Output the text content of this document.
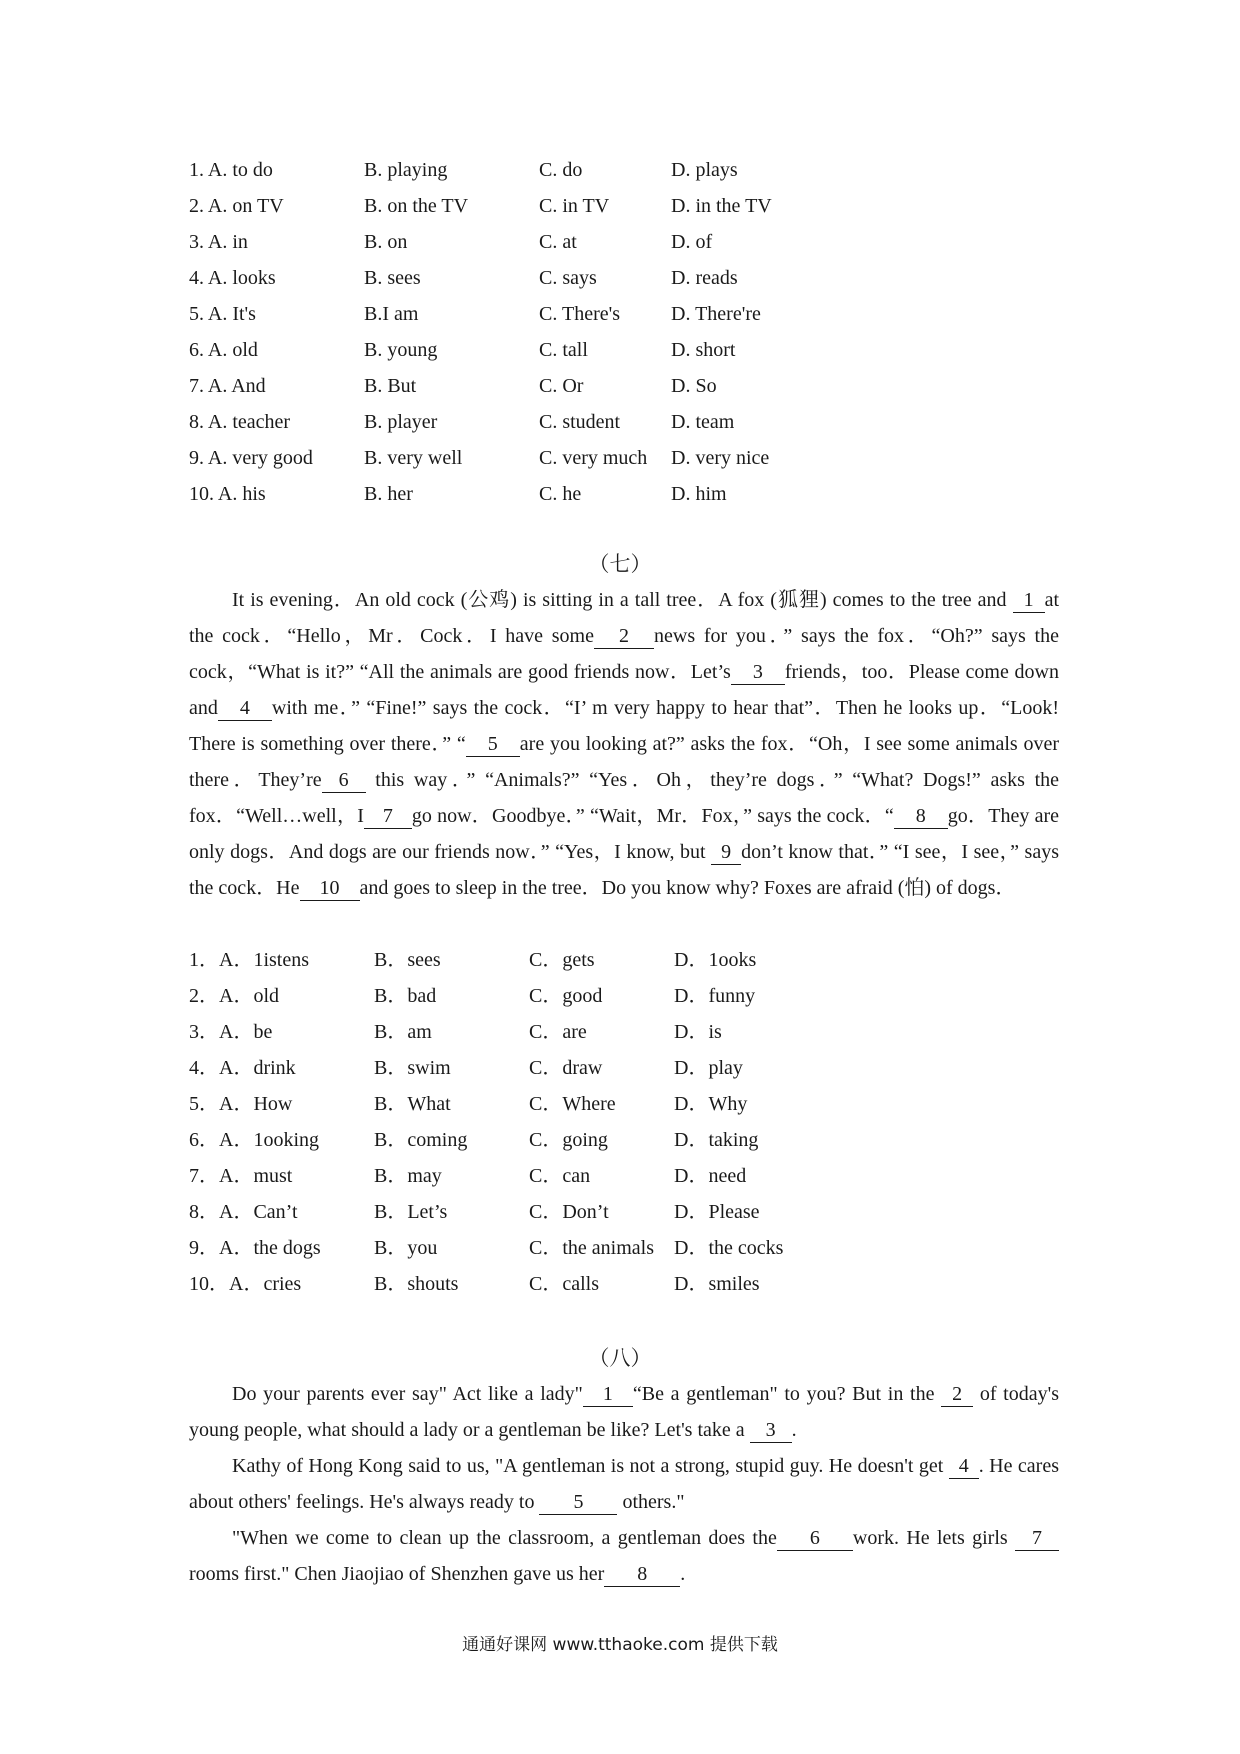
1. A. to do	B. playing	C. do	D. plays
2. A. on TV	B. on the TV	C. in TV	D. in the TV
3. A. in	B. on	C. at	D. of
4. A. looks	B. sees	C. says	D. reads
5. A. It's	B.I am	C. There's	D. There're
6. A. old	B. young	C. tall	D. short
7. A. And	B. But	C. Or	D. So
8. A. teacher	B. player	C. student	D. team
9. A. very good	B. very well	C. very much D. very nice
10. A. his	B. her	C. he	D. him
（七）

It is evening．An old cock (公鸡) is sitting in a tall tree．A fox (狐狸) comes to the tree and 1 at the cock．“Hello，Mr．Cock．I have some 2 news for you．” says the fox．“Oh?” says the cock，“What is it?” “All the animals are good friends now．Let’s 3 friends，too．Please come down and 4 with me．” “Fine!” says the cock．“I’ m very happy to hear that”．Then he looks up．“Look! There is something over there．” “ 5 are you looking at?” asks the fox．“Oh，I see some animals over there．They’re 6 this way．” “Animals?” “Yes．Oh，they’re dogs．” “What? Dogs!” asks the fox．“Well…well，I 7 go now．Goodbye．” “Wait，Mr．Fox，” says the cock．“ 8 go．They are only dogs．And dogs are our friends now．” “Yes，I know, but 9 don’t know that．” “I see，I see，” says the cock．He 10 and goes to sleep in the tree．Do you know why? Foxes are afraid (怕) of dogs．

1．A．1istens	B．sees	C．gets	D．1ooks
2．A．old	B．bad	C．good	D．funny
3．A．be	B．am	C．are	D．is
4．A．drink	B．swim	C．draw	D．play
5．A．How	B．What	C．Where	D．Why
6．A．1ooking	B．coming	C．going	D．taking
7．A．must	B．may	C．can	D．need
8．A．Can’t	B．Let’s	C．Don’t	D．Please
9．A．the dogs	B．you	C．the animals D．the cocks
10．A．cries	B．shouts	C．calls	D．smiles
（八）

Do your parents ever say" Act like a lady" 1 “Be a gentleman" to you? But in the 2 of today's young people, what should a lady or a gentleman be like? Let's take a 3 .

Kathy of Hong Kong said to us, "A gentleman is not a strong, stupid guy. He doesn't get 4 . He cares about others' feelings. He's always ready to 5 others."

"When we come to clean up the classroom, a gentleman does the 6 work. He lets girls 7 rooms first." Chen Jiaojiao of Shenzhen gave us her 8 .

通通好课网 www.tthaoke.com 提供下载
